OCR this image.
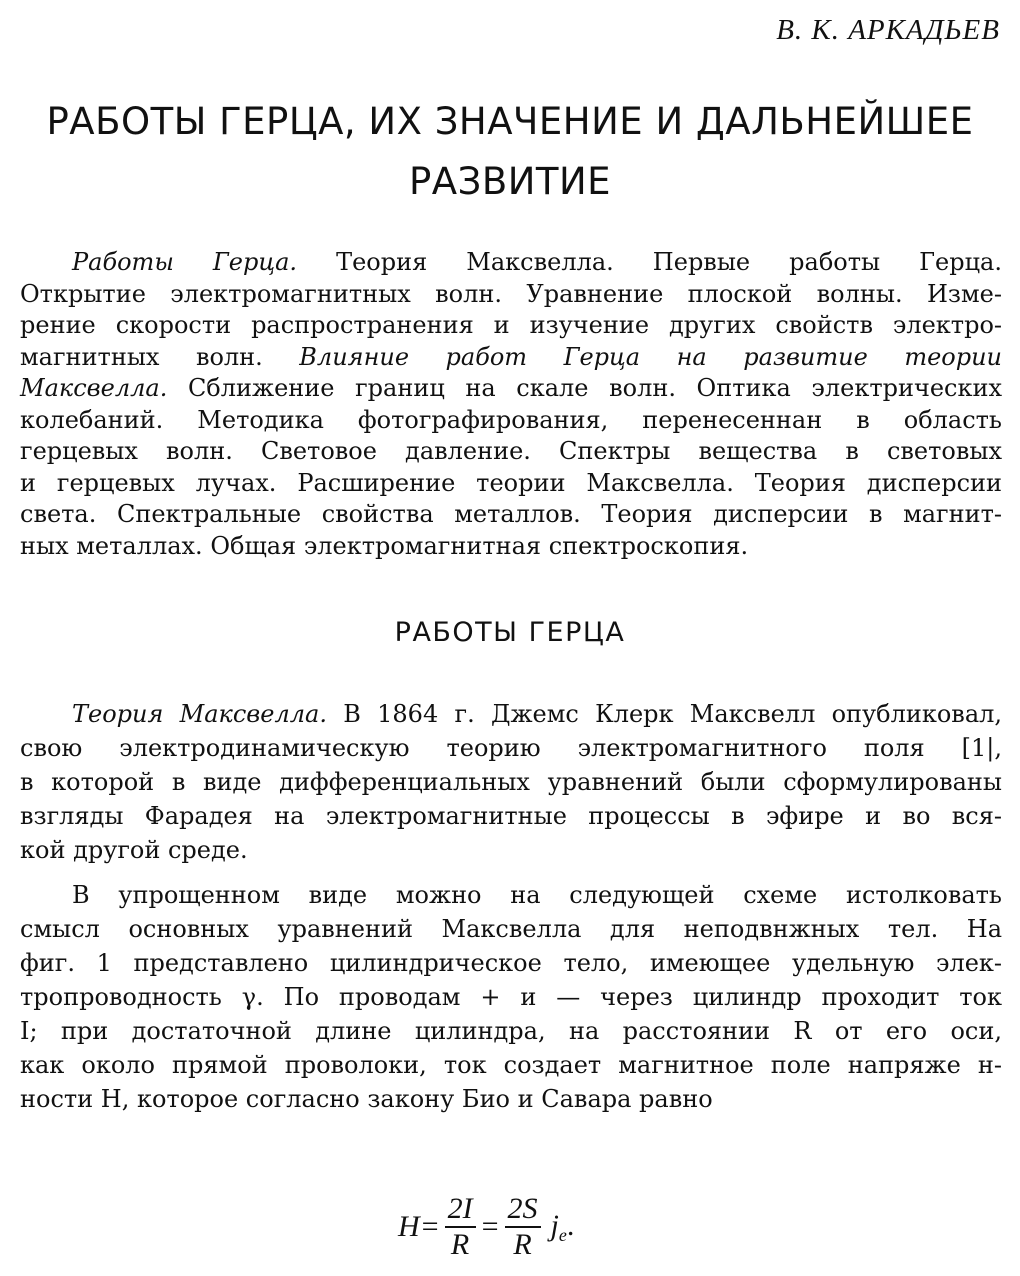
В. К. АРКАДЬЕВ
РАБОТЫ ГЕРЦА, ИХ ЗНАЧЕНИЕ И ДАЛЬНЕЙШЕЕ
РАЗВИТИЕ
Работы Герца. Теория Максвелла. Первые работы Герца.
Открытие электромагнитных волн. Уравнение плоской волны. Изме-
рение скорости распространения и изучение других свойств электро-
магнитных волн. Влияние работ Герца на развитие теории
Максвелла. Сближение границ на скале волн. Оптика электрических
колебаний. Методика фотографирования, перенесеннан в область
герцевых волн. Световое давление. Спектры вещества в световых
и герцевых лучах. Расширение теории Максвелла. Теория дисперсии
света. Спектральные свойства металлов. Теория дисперсии в магнит-
ных металлах. Общая электромагнитная спектроскопия.
РАБОТЫ ГЕРЦА
Теория Максвелла. В 1864 г. Джемс Клерк Максвелл опубликовал,
свою электродинамическую теорию электромагнитного поля [1|,
в которой в виде дифференциальных уравнений были сформулированы
взгляды Фарадея на электромагнитные процессы в эфире и во вся-
кой другой среде.
В упрощенном виде можно на следующей схеме истолковать
смысл основных уравнений Максвелла для неподвнжных тел. На
фиг. 1 представлено цилиндрическое тело, имеющее удельную элек-
тропроводность γ. По проводам + и — через цилиндр проходит ток
I; при достаточной длине цилиндра, на расстоянии R от его оси,
как около прямой проволоки, ток создает магнитное поле напряже н-
ности H, которое согласно закону Био и Савара равно
$H = \frac{2I}{R} = \frac{2S}{R} j_e$.
